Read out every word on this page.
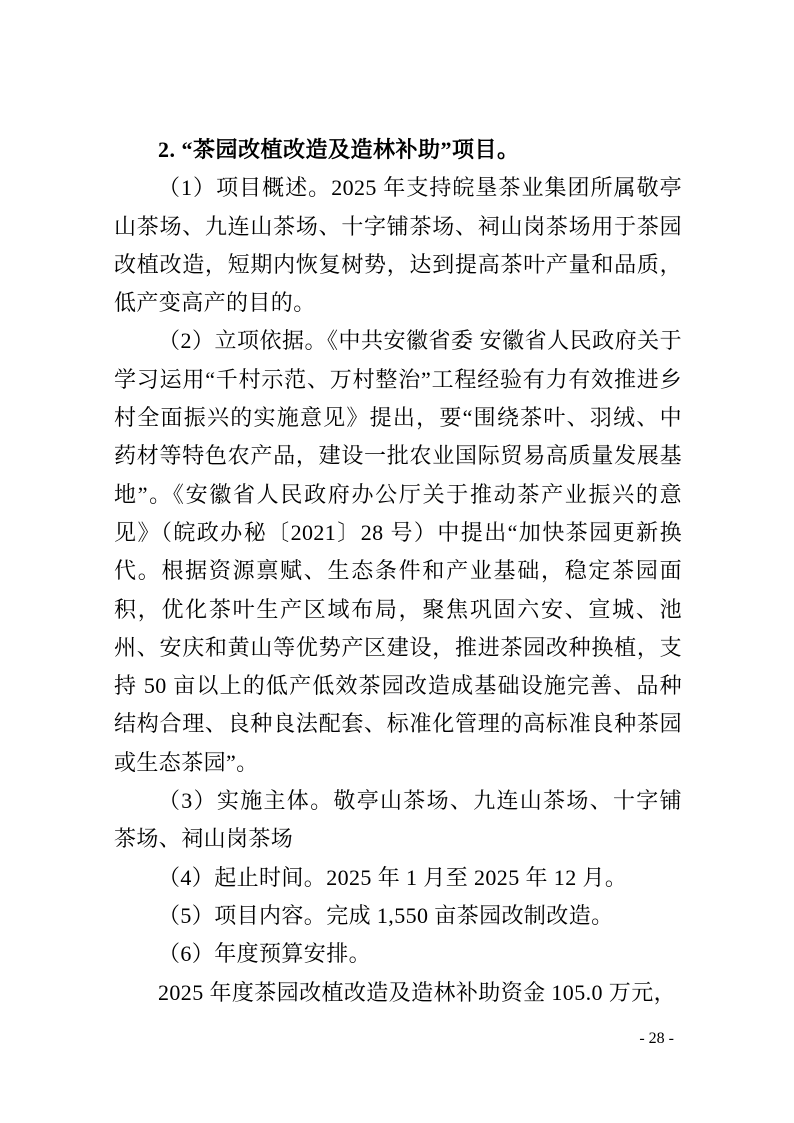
2. “茶园改植改造及造林补助”项目。

（1）项目概述。2025 年支持皖垦茶业集团所属敬亭山茶场、九连山茶场、十字铺茶场、祠山岗茶场用于茶园改植改造，短期内恢复树势，达到提高茶叶产量和品质，低产变高产的目的。

（2）立项依据。《中共安徽省委 安徽省人民政府关于学习运用“千村示范、万村整治”工程经验有力有效推进乡村全面振兴的实施意见》提出，要“围绕茶叶、羽绒、中药材等特色农产品，建设一批农业国际贸易高质量发展基地”。《安徽省人民政府办公厅关于推动茶产业振兴的意见》（皖政办秘〔2021〕28 号）中提出“加快茶园更新换代。根据资源禀赋、生态条件和产业基础，稳定茶园面积，优化茶叶生产区域布局，聚焦巩固六安、宣城、池州、安庆和黄山等优势产区建设，推进茶园改种换植，支持 50 亩以上的低产低效茶园改造成基础设施完善、品种结构合理、良种良法配套、标准化管理的高标准良种茶园或生态茶园”。

（3）实施主体。敬亭山茶场、九连山茶场、十字铺茶场、祠山岗茶场

（4）起止时间。2025 年 1 月至 2025 年 12 月。

（5）项目内容。完成 1,550 亩茶园改制改造。

（6）年度预算安排。

2025 年度茶园改植改造及造林补助资金 105.0 万元，

- 28 -
